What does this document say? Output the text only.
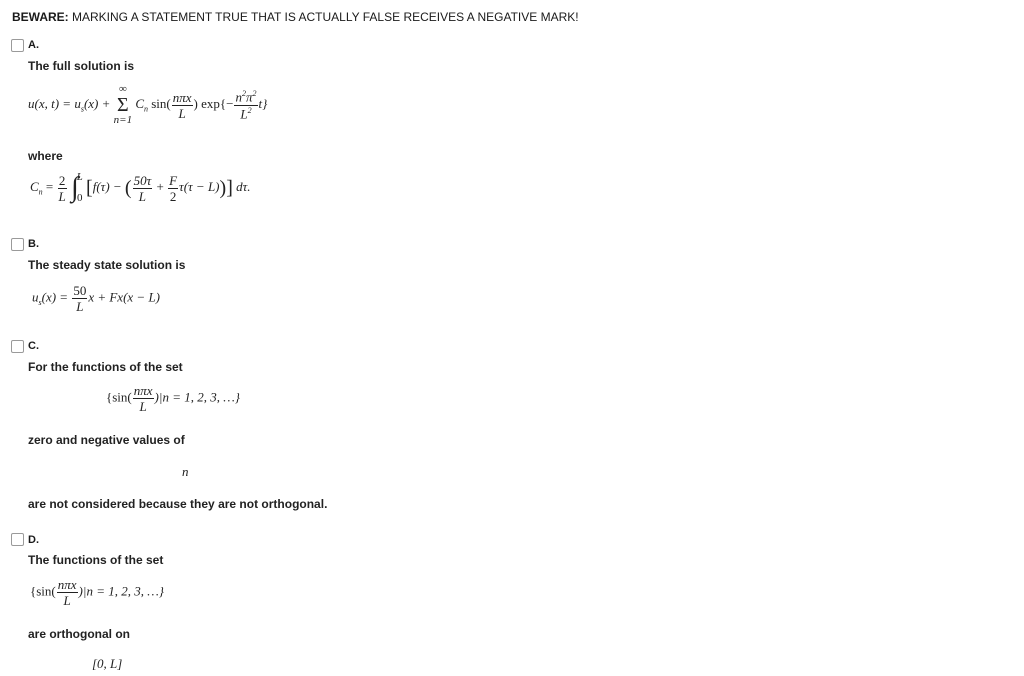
BEWARE: MARKING A STATEMENT TRUE THAT IS ACTUALLY FALSE RECEIVES A NEGATIVE MARK!
A.
The full solution is
u(x, $t) = u_s(x)$ +
∞
Σ
n=1
$C_n$ $\sin( \frac{\text{nπx}}{L}$ ) $\exp\{- \frac{n^2\pi^2}{L^2} t\}$
where
$C_n = \frac{2}{L}$ ∫
L
0 [f(τ) − ( $\frac{50\tau}{L} + \frac{F}{2} \tau(\tau - L)$)] dτ.
B.
The steady state solution is
$u_s(x) = \frac{50}{L}$ x + Fx(x − L)
C.
For the functions of the set
{$\sin( \frac{\text{nπx}}{L} )|n = 1$, 2, 3, …}
zero and negative values of
n
are not considered because they are not orthogonal.
D.
The functions of the set
{$\sin( \frac{\text{nπx}}{L} )|n = 1$, 2, 3, …}
are orthogonal on
[0, L]
